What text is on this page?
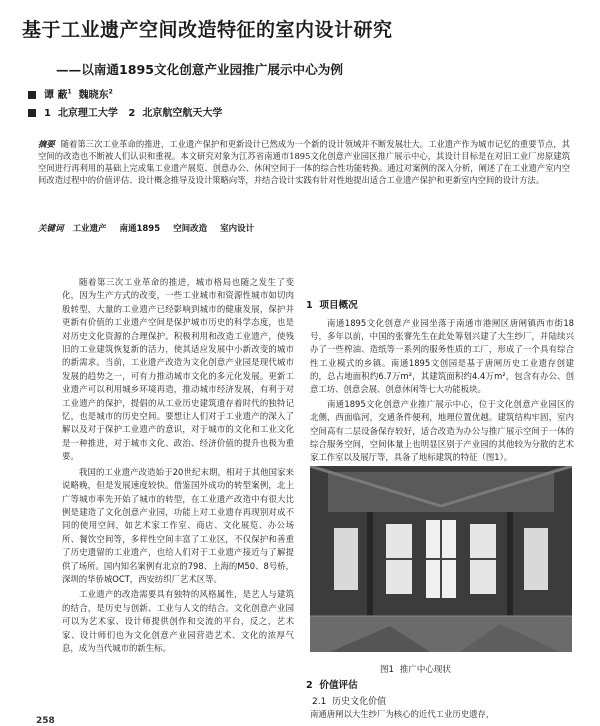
基于工业遗产空间改造特征的室内设计研究
——以南通1895文化创意产业园推广展示中心为例
谭 蔽$^1$ 魏晓东$^2$
1 北京理工大学 2 北京航空航天大学
摘要 随着第三次工业革命的推进，工业遗产保护和更新设计已然成为一个新的设计领域并不断发展壮大。工业遗产作为城市记忆的重要节点，其空间的改造也不断被人们认识和重视。本文研究对象为江苏省南通市1895文化创意产业园区推广展示中心，其设计目标是在对旧工业厂房原建筑空间进行再利用的基础上完成集工业遗产展览、创意办公、休闲空间于一体的综合性功能转换。通过对案例的深入分析，阐述了在工业遗产室内空间改造过程中的价值评估、设计概念推导及设计策略向等，并结合设计实践有针对性地提出适合工业遗产保护和更新室内空间的设计方法。
关键词 工业遗产 南通1895 空间改造 室内设计

随着第三次工业革命的推进，城市格局也随之发生了变化，因为生产方式的改变，一些工业城市和资源性城市如切肉般转型，大量的工业遗产已经影响到城市的健康发展，保护并更新有价值的工业遗产空间是保护城市历史的科学态度，也是对历史文化资源的合理保护。积极利用和改造工业遗产，使残旧的工业建筑恢复新的活力，使其适应发展中小新改变的城市的新需求。当前，工业遗产改造为文化创意产业园是现代城市发展的趋势之一，可有力推动城市文化的多元化发展。更新工业遗产可以利用城乡环境再造，推动城市经济发展，有利于对工业遗产的保护，提倡的从工业历史建筑遗存着时代的独特记忆，也是城市的历史空间。要想让人们对于工业遗产的深入了解以及对于保护工业遗产的意识，对于城市的文化和工业文化是一种推进，对于城市文化、政治、经济价值的提升也极为重要。

我国的工业遗产改造始于20世纪末期，相对于其他国家来说略晚，但是发展速度较快。借鉴国外成功的转型案例，北上广等城市率先开始了城市的转型，在工业遗产改造中有很大比例是建造了文化创意产业园，功能上对工业遗存再现别对成不同的使用空间，如艺术家工作室、商店、文化展览、办公场所、餐饮空间等，多样性空间丰富了工业区，不仅保护和善重了历史遗留的工业遗产，也给人们对于工业遗产接近与了解提供了场所。国内知名案例有北京的798、上海的M50、8号桥，深圳的华侨城OCT，西安纺织厂艺术区等。

工业遗产的改造需要具有独特的风格属性，是艺人与建筑的结合，是历史与创新、工业与人文的结合。文化创意产业园可以为艺术家、设计师提供创作和交流的平台，反之，艺术家、设计师们也为文化创意产业园营造艺术、文化的浓厚气息，成为当代城市的新生标。

1 项目概况

南通1895文化创意产业园坐落于南通市港闸区唐闸镇西市街18号，多年以前，中国的张謇先生在此处筹划兴建了大生纱厂，并陆续兴办了一些榨油、造纸等一系列的服务性质的工厂，形成了一个具有综合性工业模式的乡镇。南通1895文创园是基于唐闸历史工业遗存创建的，总占地面积约6.7万m²，其建筑面积约4.4万m²，包含有办公、创意工坊、创意会展、创意休闲等七大功能板块。

南通1895文化创意产业推广展示中心，位于文化创意产业园区的北侧，西面临河，交通条件便利，地理位置优越。建筑结构牢固，室内空间高有二层设备保存较好，适合改造为办公与推广展示空间于一体的综合服务空间，空间体量上也明显区别于产业园的其他较为分散的艺术家工作室以及展厅等，具备了地标建筑的特征（图1）。

图1 推广中心现状
2 价值评估
2.1 历史文化价值
南通唐闸以大生纱厂为核心的近代工业历史遗存，
258
